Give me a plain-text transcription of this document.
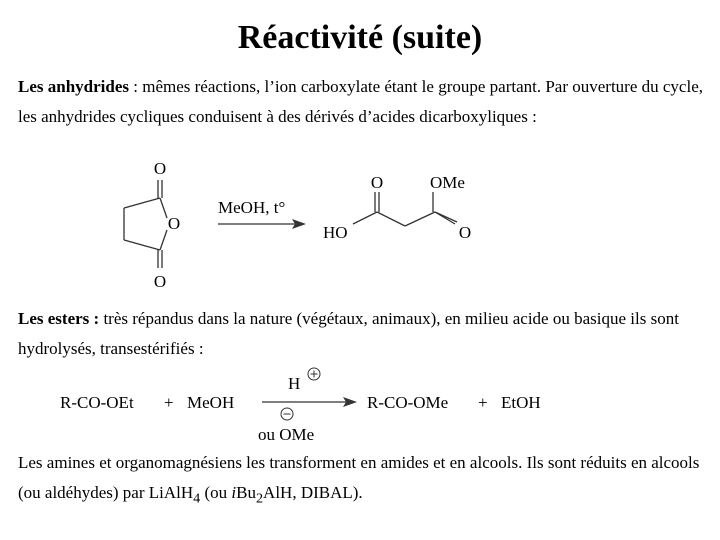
Réactivité (suite)
Les anhydrides : mêmes réactions, l’ion carboxylate étant le groupe partant. Par ouverture du cycle, les anhydrides cycliques conduisent à des dérivés d’acides dicarboxyliques :
Les esters : très répandus dans la nature (végétaux, animaux), en milieu acide ou basique ils sont hydrolysés, transestérifiés :
Les amines et organomagnésiens les transforment en amides et en alcools. Ils sont réduits en alcools (ou aldéhydes) par LiAlH$_4$ (ou iBu$_2$AlH, DIBAL).
O
O
O
MeOH, t°
O	OMe
HO	O
R-CO-OEt + MeOH
H
ou OMe
R-CO-OMe + EtOH
